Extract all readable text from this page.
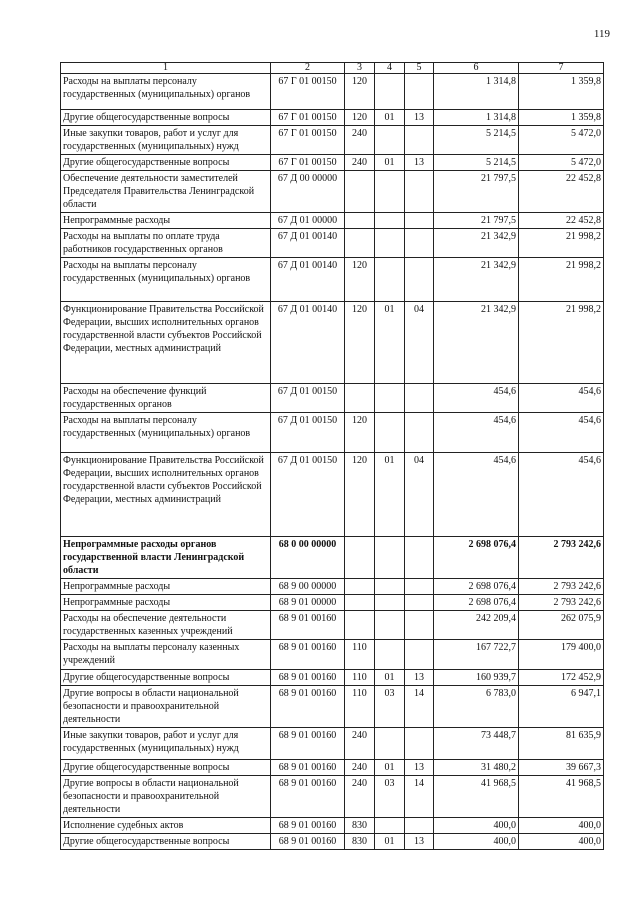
119
1	2	3	4	5	6	7
Расходы на выплаты персоналу государственных (муниципальных) органов	67 Г 01 00150	120			1 314,8	1 359,8
Другие общегосударственные вопросы	67 Г 01 00150	120	01	13	1 314,8	1 359,8
Иные закупки товаров, работ и услуг для государственных (муниципальных) нужд	67 Г 01 00150	240			5 214,5	5 472,0
Другие общегосударственные вопросы	67 Г 01 00150	240	01	13	5 214,5	5 472,0
Обеспечение деятельности заместителей Председателя Правительства Ленинградской области	67 Д 00 00000				21 797,5	22 452,8
Непрограммные расходы	67 Д 01 00000				21 797,5	22 452,8
Расходы на выплаты по оплате труда работников государственных органов	67 Д 01 00140				21 342,9	21 998,2
Расходы на выплаты персоналу государственных (муниципальных) органов	67 Д 01 00140	120			21 342,9	21 998,2
Функционирование Правительства Российской Федерации, высших исполнительных органов государственной власти субъектов Российской Федерации, местных администраций	67 Д 01 00140	120	01	04	21 342,9	21 998,2
Расходы на обеспечение функций государственных органов	67 Д 01 00150				454,6	454,6
Расходы на выплаты персоналу государственных (муниципальных) органов	67 Д 01 00150	120			454,6	454,6
Функционирование Правительства Российской Федерации, высших исполнительных органов государственной власти субъектов Российской Федерации, местных администраций	67 Д 01 00150	120	01	04	454,6	454,6
Непрограммные расходы органов государственной власти Ленинградской области	68 0 00 00000				2 698 076,4	2 793 242,6
Непрограммные расходы	68 9 00 00000				2 698 076,4	2 793 242,6
Непрограммные расходы	68 9 01 00000				2 698 076,4	2 793 242,6
Расходы на обеспечение деятельности государственных казенных учреждений	68 9 01 00160				242 209,4	262 075,9
Расходы на выплаты персоналу казенных учреждений	68 9 01 00160	110			167 722,7	179 400,0
Другие общегосударственные вопросы	68 9 01 00160	110	01	13	160 939,7	172 452,9
Другие вопросы в области национальной безопасности и правоохранительной деятельности	68 9 01 00160	110	03	14	6 783,0	6 947,1
Иные закупки товаров, работ и услуг для государственных (муниципальных) нужд	68 9 01 00160	240			73 448,7	81 635,9
Другие общегосударственные вопросы	68 9 01 00160	240	01	13	31 480,2	39 667,3
Другие вопросы в области национальной безопасности и правоохранительной деятельности	68 9 01 00160	240	03	14	41 968,5	41 968,5
Исполнение судебных актов	68 9 01 00160	830			400,0	400,0
Другие общегосударственные вопросы	68 9 01 00160	830	01	13	400,0	400,0
